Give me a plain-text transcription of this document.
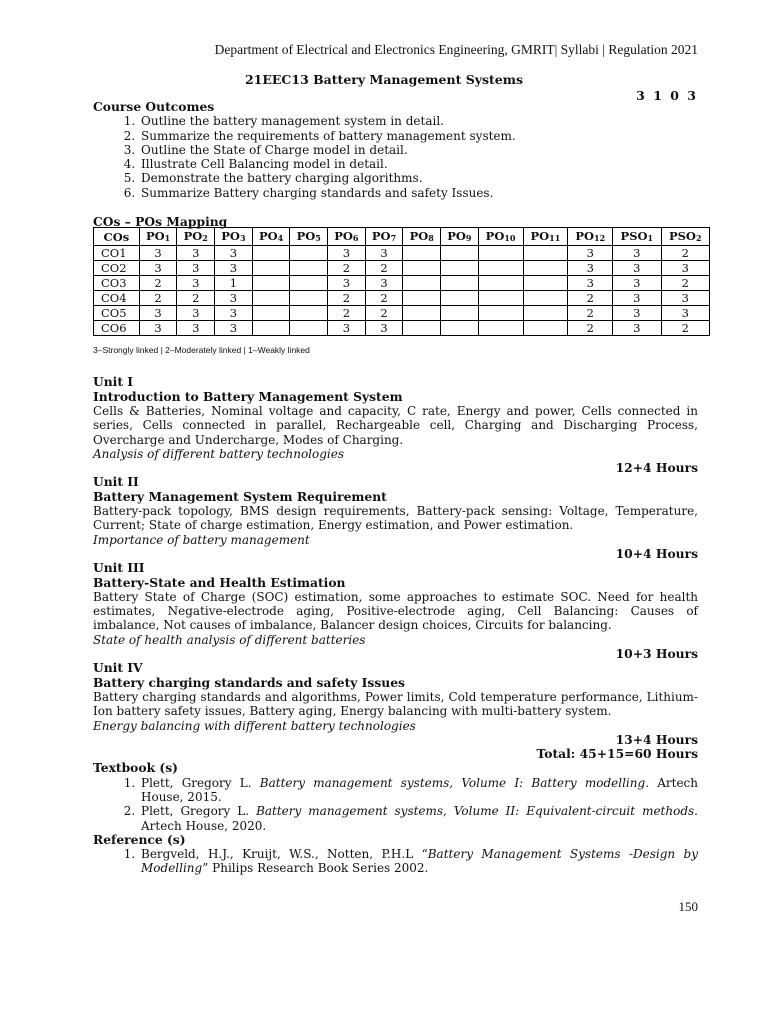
Department of Electrical and Electronics Engineering, GMRIT| Syllabi | Regulation 2021
21EEC13 Battery Management Systems
3 1 0 3
Course Outcomes
1. Outline the battery management system in detail.
2. Summarize the requirements of battery management system.
3. Outline the State of Charge model in detail.
4. Illustrate Cell Balancing model in detail.
5. Demonstrate the battery charging algorithms.
6. Summarize Battery charging standards and safety Issues.
COs – POs Mapping
COs	PO1	PO2	PO3	PO4	PO5	PO6	PO7	PO8	PO9	PO10	PO11	PO12	PSO1	PSO2
CO1	3	3	3			3	3					3	3	2
CO2	3	3	3			2	2					3	3	3
CO3	2	3	1			3	3					3	3	2
CO4	2	2	3			2	2					2	3	3
CO5	3	3	3			2	2					2	3	3
CO6	3	3	3			3	3					2	3	2
3–Strongly linked | 2–Moderately linked | 1–Weakly linked
Unit I
Introduction to Battery Management System
Cells & Batteries, Nominal voltage and capacity, C rate, Energy and power, Cells connected in series, Cells connected in parallel, Rechargeable cell, Charging and Discharging Process, Overcharge and Undercharge, Modes of Charging.
Analysis of different battery technologies
12+4 Hours
Unit II
Battery Management System Requirement
Battery-pack topology, BMS design requirements, Battery-pack sensing: Voltage, Temperature, Current; State of charge estimation, Energy estimation, and Power estimation.
Importance of battery management
10+4 Hours
Unit III
Battery-State and Health Estimation
Battery State of Charge (SOC) estimation, some approaches to estimate SOC. Need for health estimates, Negative-electrode aging, Positive-electrode aging, Cell Balancing: Causes of imbalance, Not causes of imbalance, Balancer design choices, Circuits for balancing.
State of health analysis of different batteries
10+3 Hours
Unit IV
Battery charging standards and safety Issues
Battery charging standards and algorithms, Power limits, Cold temperature performance, Lithium-Ion battery safety issues, Battery aging, Energy balancing with multi-battery system.
Energy balancing with different battery technologies
13+4 Hours
Total: 45+15=60 Hours
Textbook (s)
1. Plett, Gregory L. Battery management systems, Volume I: Battery modelling. Artech House, 2015.
2. Plett, Gregory L. Battery management systems, Volume II: Equivalent-circuit methods. Artech House, 2020.
Reference (s)
1. Bergveld, H.J., Kruijt, W.S., Notten, P.H.L “Battery Management Systems -Design by Modelling” Philips Research Book Series 2002.
150
